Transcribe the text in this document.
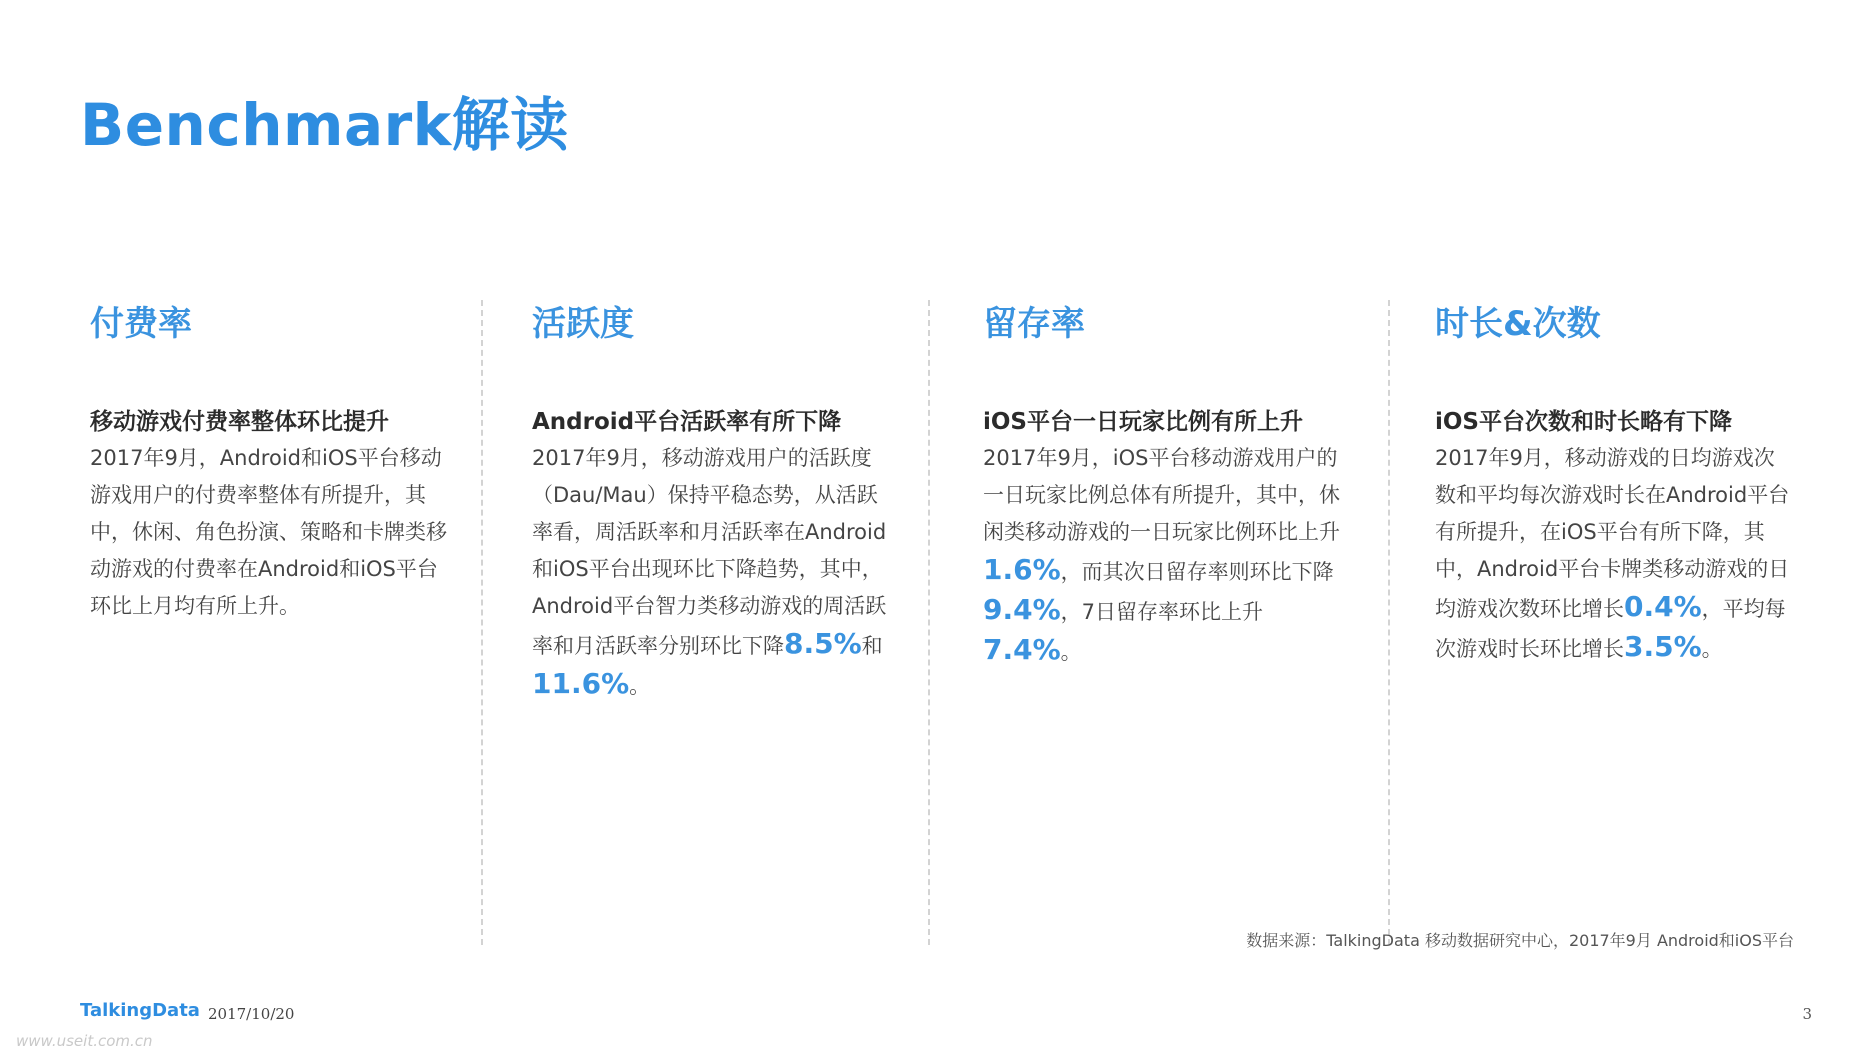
Benchmark解读
付费率
移动游戏付费率整体环比提升

2017年9月，Android和iOS平台移动游戏用户的付费率整体有所提升，其中，休闲、角色扮演、策略和卡牌类移动游戏的付费率在Android和iOS平台环比上月均有所上升。

活跃度
Android平台活跃率有所下降

2017年9月，移动游戏用户的活跃度（Dau/Mau）保持平稳态势，从活跃率看，周活跃率和月活跃率在Android和iOS平台出现环比下降趋势，其中，Android平台智力类移动游戏的周活跃率和月活跃率分别环比下降8.5%和11.6%。

留存率
iOS平台一日玩家比例有所上升

2017年9月，iOS平台移动游戏用户的一日玩家比例总体有所提升，其中，休闲类移动游戏的一日玩家比例环比上升1.6%，而其次日留存率则环比下降9.4%，7日留存率环比上升7.4%。

时长&次数
iOS平台次数和时长略有下降

2017年9月，移动游戏的日均游戏次数和平均每次游戏时长在Android平台有所提升，在iOS平台有所下降，其中，Android平台卡牌类移动游戏的日均游戏次数环比增长0.4%，平均每次游戏时长环比增长3.5%。

数据来源：TalkingData 移动数据研究中心，2017年9月 Android和iOS平台
TalkingData 2017/10/20	3
www.useit.com.cn
